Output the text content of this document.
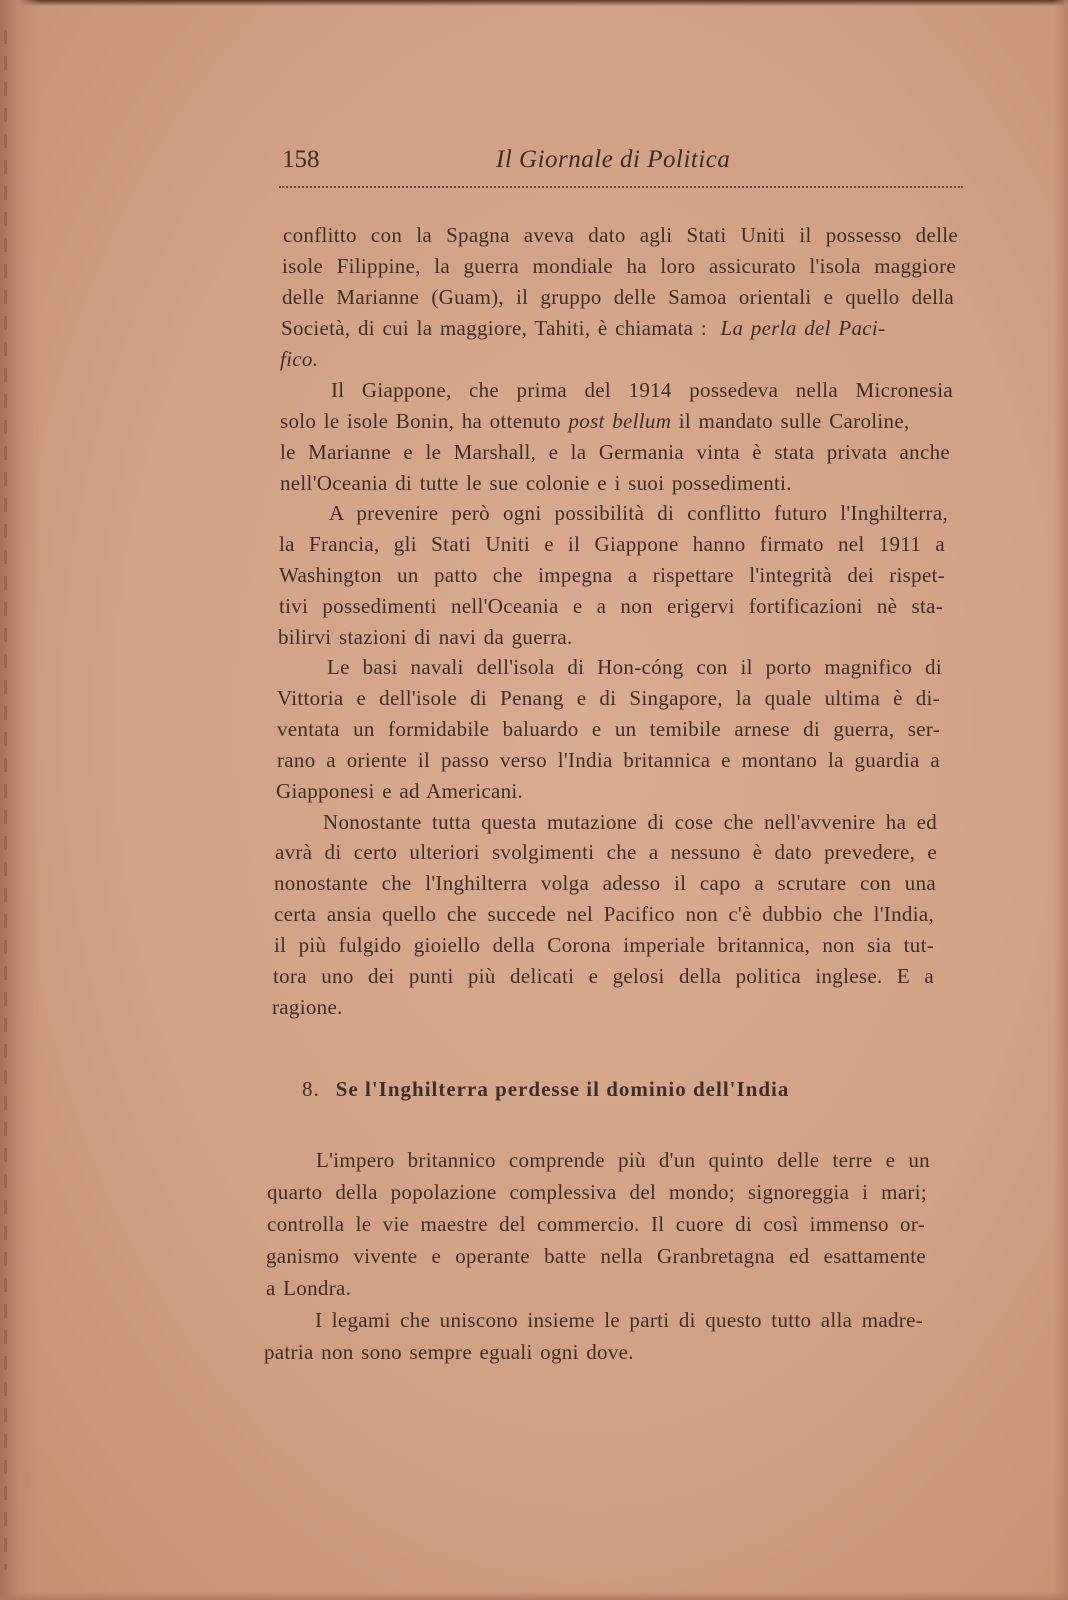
158	Il Giornale di Politica
conflitto con la Spagna aveva dato agli Stati Uniti il possesso delle
isole Filippine, la guerra mondiale ha loro assicurato l'isola maggiore
delle Marianne (Guam), il gruppo delle Samoa orientali e quello della
Società, di cui la maggiore, Tahiti, è chiamata : La perla del Paci-
fico.
Il Giappone, che prima del 1914 possedeva nella Micronesia
solo le isole Bonin, ha ottenuto post bellum il mandato sulle Caroline,
le Marianne e le Marshall, e la Germania vinta è stata privata anche
nell'Oceania di tutte le sue colonie e i suoi possedimenti.
A prevenire però ogni possibilità di conflitto futuro l'Inghilterra,
la Francia, gli Stati Uniti e il Giappone hanno firmato nel 1911 a
Washington un patto che impegna a rispettare l'integrità dei rispet-
tivi possedimenti nell'Oceania e a non erigervi fortificazioni nè sta-
bilirvi stazioni di navi da guerra.
Le basi navali dell'isola di Hon-cóng con il porto magnifico di
Vittoria e dell'isole di Penang e di Singapore, la quale ultima è di-
ventata un formidabile baluardo e un temibile arnese di guerra, ser-
rano a oriente il passo verso l'India britannica e montano la guardia a
Giapponesi e ad Americani.
Nonostante tutta questa mutazione di cose che nell'avvenire ha ed
avrà di certo ulteriori svolgimenti che a nessuno è dato prevedere, e
nonostante che l'Inghilterra volga adesso il capo a scrutare con una
certa ansia quello che succede nel Pacifico non c'è dubbio che l'India,
il più fulgido gioiello della Corona imperiale britannica, non sia tut-
tora uno dei punti più delicati e gelosi della politica inglese. E a
ragione.
8. Se l'Inghilterra perdesse il dominio dell'India
L'impero britannico comprende più d'un quinto delle terre e un
quarto della popolazione complessiva del mondo; signoreggia i mari;
controlla le vie maestre del commercio. Il cuore di così immenso or-
ganismo vivente e operante batte nella Granbretagna ed esattamente
a Londra.
I legami che uniscono insieme le parti di questo tutto alla madre-
patria non sono sempre eguali ogni dove.
